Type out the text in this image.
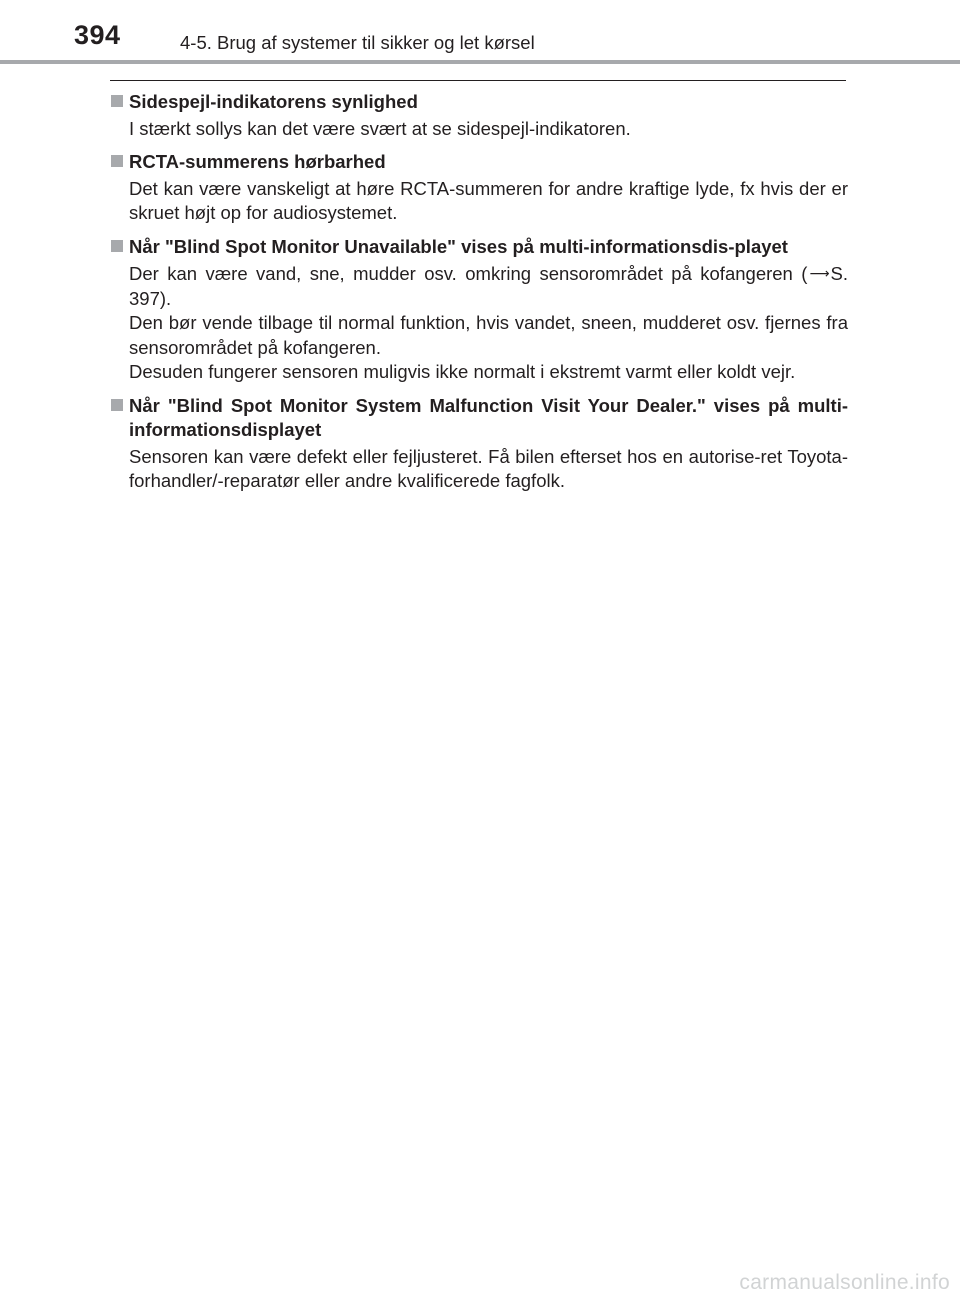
394	4-5. Brug af systemer til sikker og let kørsel
Sidespejl-indikatorens synlighed
I stærkt sollys kan det være svært at se sidespejl-indikatoren.
RCTA-summerens hørbarhed
Det kan være vanskeligt at høre RCTA-summeren for andre kraftige lyde, fx hvis der er skruet højt op for audiosystemet.
Når "Blind Spot Monitor Unavailable" vises på multi-informationsdis-playet
Der kan være vand, sne, mudder osv. omkring sensorområdet på kofangeren ( ⟶S. 397).
Den bør vende tilbage til normal funktion, hvis vandet, sneen, mudderet osv. fjernes fra sensorområdet på kofangeren.
Desuden fungerer sensoren muligvis ikke normalt i ekstremt varmt eller koldt vejr.
Når "Blind Spot Monitor System Malfunction Visit Your Dealer." vises på multi-informationsdisplayet
Sensoren kan være defekt eller fejljusteret. Få bilen efterset hos en autorise-ret Toyota-forhandler/-reparatør eller andre kvalificerede fagfolk.
carmanualsonline.info
